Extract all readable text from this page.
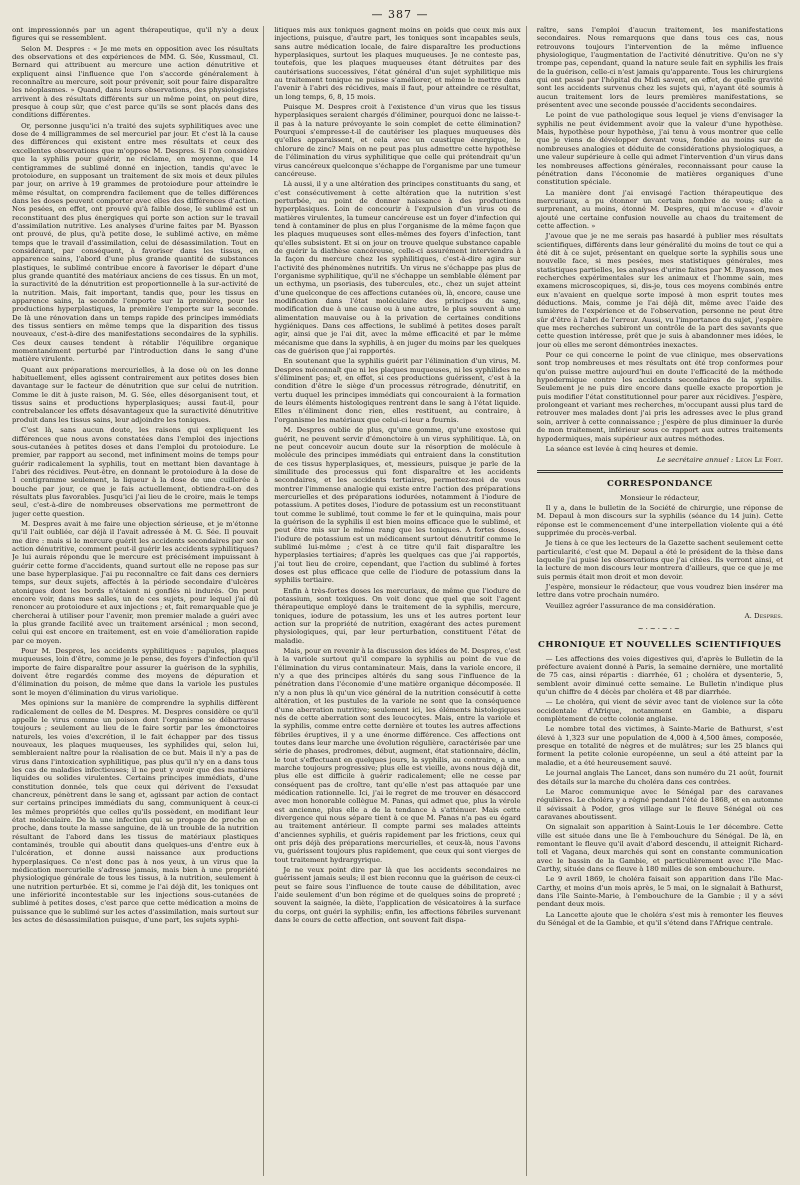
— 387 —

ont impressionnés par un agent thérapeutique, qu'il n'y a deux figures qui se ressemblent.

Selon M. Despres : « Je me mets en opposition avec les résultats des observations et des expériences de MM. G. Sée, Kussmaul, Cl. Bernard qui attribuent au mercure une action dénutritive et expliquent ainsi l'influence que l'on s'accorde généralement à reconnaître au mercure, soit pour prévenir, soit pour faire disparaître les néoplasmes. » Quand, dans leurs observations, des physiologistes arrivent à des résultats différents sur un même point, on peut dire, presque à coup sûr, que c'est parce qu'ils se sont placés dans des conditions différentes.

Or, personne jusqu'ici n'a traité des sujets syphilitiques avec une dose de 4 milligrammes de sel mercuriel par jour. Et c'est là la cause des différences qui existent entre mes résultats et ceux des excellentes observations que m'oppose M. Despres. Si l'on considère que la syphilis pour guérir, ne réclame, en moyenne, que 14 centigrammes de sublimé donné en injection, tandis qu'avec le protoiodure, en supposant un traitement de six mois et deux pilules par jour, on arrive à 19 grammes de protoiodure pour atteindre le même résultat, on comprendra facilement que de telles différences dans les doses peuvent comporter avec elles des différences d'action. Nos pesées, en effet, ont prouvé qu'à faible dose, le sublimé est un reconstituant des plus énergiques qui porte son action sur le travail d'assimilation nutritive. Les analyses d'urine faites par M. Byasson ont prouvé, de plus, qu'à petite dose, le sublimé active, en même temps que le travail d'assimilation, celui de désassimilation. Tout en considérant, par conséquent, à favoriser dans les tissus, en apparence sains, l'abord d'une plus grande quantité de substances plastiques, le sublimé contribue encore à favoriser le départ d'une plus grande quantité des matériaux anciens de ces tissus. En un mot, la suractivité de la dénutrition est proportionnelle à la sur-activité de la nutrition. Mais, fait important, tandis que, pour les tissus en apparence sains, la seconde l'emporte sur la première, pour les productions hyperplastiques, la première l'emporte sur la seconde. De là une rénovation dans un temps rapide des principes immédiats des tissus sentiers en même temps que la disparition des tissus nouveaux, c'est-à-dire des manifestations secondaires de la syphilis. Ces deux causes tendent à rétablir l'équilibre organique momentanément perturbé par l'introduction dans le sang d'une matière virulente.

Quant aux préparations mercurielles, à la dose où on les donne habituellement, elles agissent contrairement aux petites doses bien davantage sur le facteur de dénutrition que sur celui de nutrition. Comme le dit à juste raison, M. G. Sée, elles désorganisent tout, et tissus sains et productions hyperplasiques; aussi faut-il, pour contrebalancer les effets désavantageux que la suractivité dénutritive produit dans les tissus sains, leur adjoindre les toniques.

C'est là, sans aucun doute, les raisons qui expliquent les différences que nous avons constatées dans l'emploi des injections sous-cutanées à petites doses et dans l'emploi du protoiodure. Le premier, par rapport au second, met infiniment moins de temps pour guérir radicalement la syphilis, tout en mettant bien davantage à l'abri des récidives. Peut-être, en donnant le protoiodure à la dose de 1 centigramme seulement, la liqueur à la dose de une cuillerée à bouche par jour, ce que je fais actuellement, obtiendra-t-on des résultats plus favorables. Jusqu'ici j'ai lieu de le croire, mais le temps seul, c'est-à-dire de nombreuses observations me permettront de juger cette question.

M. Despres avait à me faire une objection sérieuse, et je m'étonne qu'il l'ait oubliée, car déjà il l'avait adressée à M. G. Sée. Il pouvait me dire : mais si le mercure guérit les accidents secondaires par son action dénutritive, comment peut-il guérir les accidents syphilitiques? Je lui aurais répondu que le mercure est précisément impuissant à guérir cette forme d'accidents, quand surtout elle ne repose pas sur une base hyperplasique. J'ai pu reconnaître ce fait dans ces derniers temps, sur deux sujets, affectés à la période secondaire d'ulcères atoniques dont les bords n'étaient ni gonflés ni indurés. On peut encore voir, dans mes salles, un de ces sujets, pour lequel j'ai dû renoncer au protoiodure et aux injections ; et, fait remarquable que je chercherai à utiliser pour l'avenir, mon premier malade a guéri avec la plus grande facilité avec un traitement arsénical ; mon second, celui qui est encore en traitement, est en voie d'amélioration rapide par ce moyen.

Pour M. Despres, les accidents syphilitiques : papules, plaques muqueuses, loin d'être, comme je le pense, des foyers d'infection qu'il importe de faire disparaître pour assurer la guérison de la syphilis, doivent être regardés comme des moyens de dépuration et d'élimination du poison, de même que dans la variole les pustules sont le moyen d'élimination du virus variolique.

Mes opinions sur la manière de comprendre la syphilis diffèrent radicalement de celles de M. Despres. M. Despres considère ce qu'il appelle le virus comme un poison dont l'organisme se débarrasse toujours ; seulement au lieu de le faire sortir par les émonctoires naturels, les voies d'excrétion, il le fait échapper par des tissus nouveaux, les plaques muqueuses, les syphilides qui, selon lui, sembleraient naître pour la réalisation de ce but. Mais il n'y a pas de virus dans l'intoxication syphilitique, pas plus qu'il n'y en a dans tous les cas de maladies infectieuses; il ne peut y avoir que des matières liquides ou solides virulentes. Certains principes immédiats, d'une constitution donnée, tels que ceux qui dérivent de l'exsudat chancreux, pénètrent dans le sang et, agissant par action de contact sur certains principes immédiats du sang, communiquent à ceux-ci les mêmes propriétés que celles qu'ils possèdent, en modifiant leur état moléculaire. De là une infection qui se propage de proche en proche, dans toute la masse sanguine, de là un trouble de la nutrition résultant de l'abord dans les tissus de matériaux plastiques contaminés, trouble qui aboutit dans quelques-uns d'entre eux à l'ulcération, et donne aussi naissance aux productions hyperplasiques. Ce n'est donc pas à nos yeux, à un virus que la médication mercurielle s'adresse jamais, mais bien à une propriété physiologique générale de tous les tissus, à la nutrition, seulement à une nutrition perturbée. Et si, comme je l'ai déjà dit, les toniques ont une infériorité incontestable sur les injections sous-cutanées de sublimé à petites doses, c'est parce que cette médication a moins de puissance que le sublimé sur les actes d'assimilation, mais surtout sur les actes de désassimilation puisque, d'une part, les sujets syphi-

litiques mis aux toniques gagnent moins en poids que ceux mis aux injections, puisque, d'autre part, les toniques sont incapables seuls, sans autre médication locale, de faire disparaître les productions hyperplasiques, surtout les plaques muqueuses. Je ne conteste pas, toutefois, que les plaques muqueuses étant détruites par des cautérisations successives, l'état général d'un sujet syphilitique mis au traitement tonique ne puisse s'améliorer, et même le mettre dans l'avenir à l'abri des récidives, mais il faut, pour atteindre ce résultat, un long temps, 6, 8, 15 mois.

Puisque M. Despres croit à l'existence d'un virus que les tissus hyperplasiques seraient chargés d'éliminer, pourquoi donc ne laisse-t-il pas à la nature prévoyante le soin complet de cette élimination? Pourquoi s'empresse-t-il de cautériser les plaques muqueuses dès qu'elles apparaissent, et cela avec un caustique énergique, le chlorure de zinc? Mais on ne peut pas plus admettre cette hypothèse de l'élimination du virus syphilitique que celle qui prétendrait qu'un virus cancéreux quelconque s'échappe de l'organisme par une tumeur cancéreuse.

Là aussi, il y a une altération des principes constituants du sang, et c'est consécutivement à cette altération que la nutrition s'est perturbée, au point de donner naissance à des productions hyperplasiques. Loin de concourir à l'expulsion d'un virus ou de matières virulentes, la tumeur cancéreuse est un foyer d'infection qui tend à contaminer de plus en plus l'organisme de la même façon que les plaques muqueuses sont elles-mêmes des foyers d'infection, tant qu'elles subsistent. Et si on jour on trouve quelque substance capable de guérir la diathèse cancéreuse, celle-ci assurément interviendra à la façon du mercure chez les syphilitiques, c'est-à-dire agira sur l'activité des phénomènes nutritifs. Un virus ne s'échappe pas plus de l'organisme syphilitique, qu'il ne s'échappe un semblable élément par un ecthyma, un psoriasis, des tubercules, etc., chez un sujet atteint d'une quelconque de ces affections cutanées où, là, encore, cause une modification dans l'état moléculaire des principes du sang, modification due à une cause ou à une autre, le plus souvent à une alimentation mauvaise ou à la privation de certaines conditions hygiéniques. Dans ces affections, le sublimé à petites doses paraît agir, ainsi que je l'ai dit, avec la même efficacité et par le même mécanisme que dans la syphilis, à en juger du moins par les quelques cas de guérison que j'ai rapportés.

En soutenant que la syphilis guérit par l'élimination d'un virus, M. Despres méconnaît que ni les plaques muqueuses, ni les syphilides ne s'éliminent pas; et, en effet, si ces productions guérissent, c'est à la condition d'être le siège d'un processus rétrograde, dénutritif, en vertu duquel les principes immédiats qui concouraient à la formation de leurs éléments histologiques rentrent dans le sang à l'état liquide. Elles n'éliminent donc rien, elles restituent, au contraire, à l'organisme les matériaux que celui-ci leur a fournis.

M. Despres oublie de plus, qu'une gomme, qu'une exostose qui guérit, ne peuvent servir d'émonctoire à un virus syphilitique. Là, on ne peut concevoir aucun doute sur la résorption de molécule à molécule des principes immédiats qui entraient dans la constitution de ces tissus hyperplasiques, et, messieurs, puisque je parle de la similitude des processus qui font disparaître et les accidents secondaires, et les accidents tertiaires, permettez-moi de vous montrer l'immense analogie qui existe entre l'action des préparations mercurielles et des préparations iodurées, notamment à l'iodure de potassium. A petites doses, l'iodure de potassium est un reconstituant tout comme le sublimé, tout comme le fer et le quinquina, mais pour la guérison de la syphilis il est bien moins efficace que le sublimé, et peut être mis sur le même rang que les toniques. A fortes doses, l'iodure de potassium est un médicament surtout dénutritif comme le sublimé lui-même ; c'est à ce titre qu'il fait disparaître les hyperplasies tertiaires; d'après les quelques cas que j'ai rapportés, j'ai tout lieu de croire, cependant, que l'action du sublimé à fortes doses est plus efficace que celle de l'iodure de potassium dans la syphilis tertiaire.

Enfin à très-fortes doses les mercuriaux, de même que l'iodure de potassium, sont toxiques. On voit donc que quel que soit l'agent thérapeutique employé dans le traitement de la syphilis, mercure, toniques, iodure de potassium, les uns et les autres portent leur action sur la propriété de nutrition, exagérant des actes purement physiologiques, qui, par leur perturbation, constituent l'état de maladie.

Mais, pour en revenir à la discussion des idées de M. Despres, c'est à la variole surtout qu'il compare la syphilis au point de vue de l'élimination du virus contaminateur. Mais, dans la variole encore, il n'y a que des principes altérés du sang sous l'influence de la pénétration dans l'économie d'une matière organique décomposée. Il n'y a non plus là qu'un vice général de la nutrition consécutif à cette altération, et les pustules de la variole ne sont que la conséquence d'une aberration nutritive; seulement ici, les éléments histologiques nés de cette aberration sont des leucocytes. Mais, entre la variole et la syphilis, comme entre cette dernière et toutes les autres affections fébriles éruptives, il y a une énorme différence. Ces affections ont toutes dans leur marche une évolution régulière, caractérisée par une série de phases, prodromes, début, augment, état stationnaire, déclin, le tout s'effectuant en quelques jours, la syphilis, au contraire, a une marche toujours progressive; plus elle est vieille, avons nous déjà dit, plus elle est difficile à guérir radicalement; elle ne cesse par conséquent pas de croître, tant qu'elle n'est pas attaquée par une médication rationnelle. Ici, j'ai le regret de me trouver en désaccord avec mon honorable collègue M. Panas, qui admet que, plus la vérole est ancienne, plus elle a de la tendance à s'atténuer. Mais cette divergence qui nous sépare tient à ce que M. Panas n'a pas eu égard au traitement antérieur. Il compte parmi ses malades atteints d'anciennes syphilis, et guéris rapidement par les frictions, ceux qui ont pris déjà des préparations mercurielles, et ceux-là, nous l'avons vu, guérissent toujours plus rapidement, que ceux qui sont vierges de tout traitement hydrargyrique.

Je ne veux point dire par là que les accidents secondaires ne guérissent jamais seuls; il est bien reconnu que la guérison de ceux-ci peut se faire sous l'influence de toute cause de débilitation, avec l'aide seulement d'un bon régime et de quelques soins de propreté ; souvent la saignée, la diète, l'application de vésicatoires à la surface du corps, ont guéri la syphilis; enfin, les affections fébriles survenant dans le cours de cette affection, ont souvent fait dispa-

raître, sans l'emploi d'aucun traitement, les manifestations secondaires. Nous remarquons que dans tous ces cas, nous retrouvons toujours l'intervention de la même influence physiologique, l'augmentation de l'activité dénutritive. Qu'on ne s'y trompe pas, cependant, quand la nature seule fait en syphilis les frais de la guérison, celle-ci n'est jamais qu'apparente. Tous les chirurgiens qui ont passé par l'hôpital du Midi savent, en effet, de quelle gravité sont les accidents survenus chez les sujets qui, n'ayant été soumis à aucun traitement lors de leurs premières manifestations, se présentent avec une seconde poussée d'accidents secondaires.

Le point de vue pathologique sous lequel je viens d'envisager la syphilis ne peut évidemment avoir que la valeur d'une hypothèse. Mais, hypothèse pour hypothèse, j'ai tenu à vous montrer que celle que je viens de développer devant vous, fondée au moins sur de nombreuses analogies et déduite de considérations physiologiques, a une valeur supérieure à celle qui admet l'intervention d'un virus dans les nombreuses affections générales, reconnaissant pour cause la pénétration dans l'économie de matières organiques d'une constitution spéciale.

La manière dont j'ai envisagé l'action thérapeutique des mercuriaux, a pu étonner un certain nombre de vous; elle a surprenant, au moins, étonné M. Despres, qui m'accuse « d'avoir ajouté une certaine confusion nouvelle au chaos du traitement de cette affection. »

J'avoue que je ne me serais pas hasardé à publier mes résultats scientifiques, différents dans leur généralité du moins de tout ce qui a été dit à ce sujet, présentant en quelque sorte la syphilis sous une nouvelle face, si mes pesées, mes statistiques générales, mes statistiques partielles, les analyses d'urine faites par M. Byasson, mes recherches expérimentales sur les animaux et l'homme sain, mes examens microscopiques, si, dis-je, tous ces moyens combinés entre eux n'avaient en quelque sorte imposé à mon esprit toutes mes déductions. Mais, comme je l'ai déjà dit, même avec l'aide des lumières de l'expérience et de l'observation, personne ne peut être sûr d'être à l'abri de l'erreur. Aussi, vu l'importance du sujet, j'espère que mes recherches subiront un contrôle de la part des savants que cette question intéresse, prêt que je suis à abandonner mes idées, le jour où elles me seront démontrées inexactes.

Pour ce qui concerne le point de vue clinique, mes observations sont trop nombreuses et mes résultats ont été trop conformes pour qu'on puisse mettre aujourd'hui en doute l'efficacité de la méthode hypodermique contre les accidents secondaires de la syphilis. Seulement je ne puis dire encore dans quelle exacte proportion je puis modifier l'état constitutionnel pour parer aux récidives. J'espère, prolongeant et variant mes recherches, m'occupant aussi plus tard de retrouver mes malades dont j'ai pris les adresses avec le plus grand soin, arriver à cette connaissance ; j'espère de plus diminuer la durée de mon traitement, inférieur sous ce rapport aux autres traitements hypodermiques, mais supérieur aux autres méthodes.

La séance est levée à cinq heures et demie.

Le secrétaire annuel : Léon Le Fort.
CORRESPONDANCE

Monsieur le rédacteur,

Il y a, dans le bulletin de la Société de chirurgie, une réponse de M. Depaul à mon discours sur la syphilis (séance du 14 juin). Cette réponse est le commencement d'une interpellation violente qui a été supprimée du procès-verbal.

Je tiens à ce que les lecteurs de la Gazette sachent seulement cette particularité, c'est que M. Depaul a été le président de la thèse dans laquelle j'ai puisé les observations que j'ai citées. Ils verront ainsi, et la lecture de mon discours leur montrera d'ailleurs, que ce que je me suis permis était mon droit et mon devoir.

J'espère, monsieur le rédacteur, que vous voudrez bien insérer ma lettre dans votre prochain numéro.

Veuillez agréer l'assurance de ma considération.

A. Despres.
~·~·~·~
CHRONIQUE ET NOUVELLES SCIENTIFIQUES

— Les affections des voies digestives qui, d'après le Bulletin de la préfecture avaient donné à Paris, la semaine dernière, une mortalité de 75 cas, ainsi répartis : diarrhée, 61 ; choléra et dysenterie, 5, semblent avoir diminué cette semaine. Le Bulletin n'indique plus qu'un chiffre de 4 décès par choléra et 48 par diarrhée.

— Le choléra, qui vient de sévir avec tant de violence sur la côte occidentale d'Afrique, notamment en Gambie, a disparu complètement de cette colonie anglaise.

Le nombre total des victimes, à Sainte-Marie de Bathurst, s'est élevé à 1,323 sur une population de 4,000 à 4,500 âmes, composée, presque en totalité de nègres et de mulâtres; sur les 25 blancs qui forment la petite colonie européenne, un seul a été atteint par la maladie, et a été heureusement sauvé.

Le journal anglais The Lancet, dans son numéro du 21 août, fournit des détails sur la marche du choléra dans ces contrées.

Le Maroc communique avec le Sénégal par des caravanes régulières. Le choléra y a régné pendant l'été de 1868, et en automne il sévissait à Podor, gros village sur le fleuve Sénégal où ces caravanes aboutissent.

On signalait son apparition à Saint-Louis le 1er décembre. Cette ville est située dans une île à l'embouchure du Sénégal. De là, en remontant le fleuve qu'il avait d'abord descendu, il atteignit Richard-toll et Vagana, deux marchés qui sont en constante communication avec le bassin de la Gambie, et particulièrement avec l'île Mac-Carthy, située dans ce fleuve à 180 milles de son embouchure.

Le 9 avril 1869, le choléra faisait son apparition dans l'île Mac-Carthy, et moins d'un mois après, le 5 mai, on le signalait à Bathurst, dans l'île Sainte-Marie, à l'embouchure de la Gambie ; il y a sévi pendant deux mois.

La Lancette ajoute que le choléra s'est mis à remonter les fleuves du Sénégal et de la Gambie, et qu'il s'étend dans l'Afrique centrale.
